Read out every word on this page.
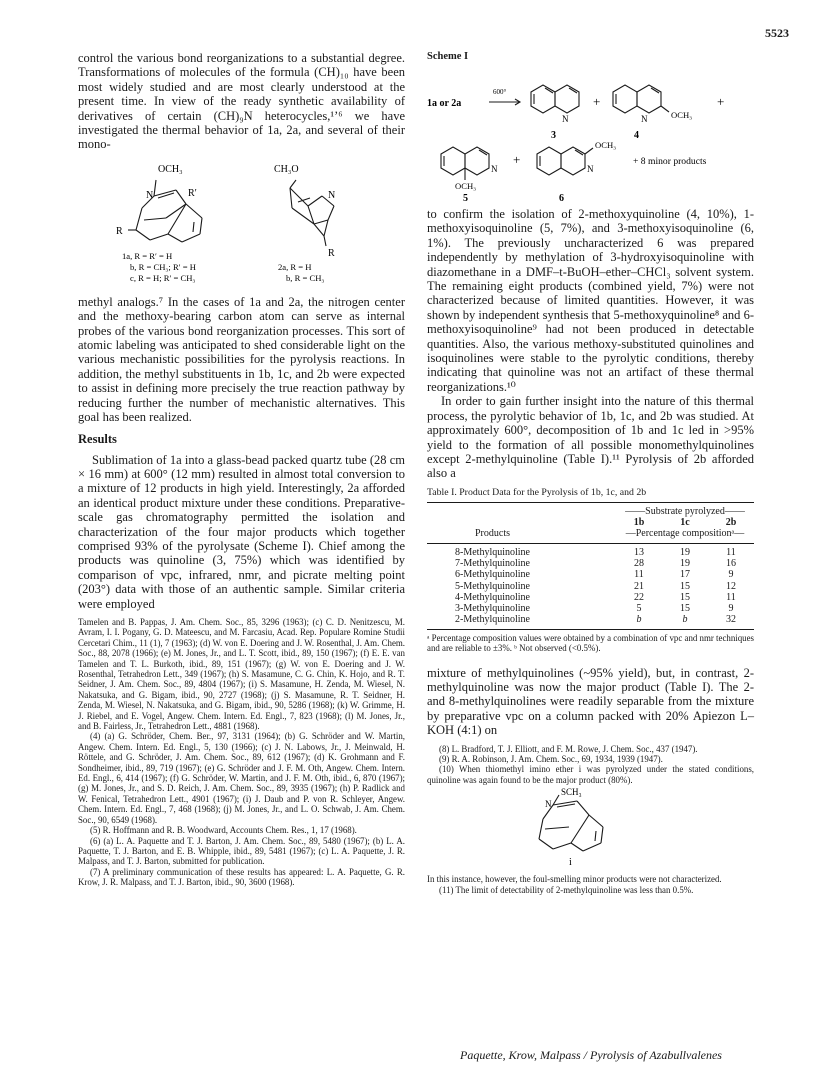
5523

control the various bond reorganizations to a substantial degree. Transformations of molecules of the formula (CH)₁₀ have been most widely studied and are most clearly understood at the present time. In view of the ready synthetic availability of derivatives of certain (CH)₉N heterocycles,¹ʼ⁶ we have investigated the thermal behavior of 1a, 2a, and several of their mono-

OCH₃
N
R
R′
1a, R = R′ = H
b, R = CH₃; R′ = H
c, R = H; R′ = CH₃
CH₃O
N
R
2a, R = H
b, R = CH₃

methyl analogs.⁷ In the cases of 1a and 2a, the nitrogen center and the methoxy-bearing carbon atom can serve as internal probes of the various bond reorganization processes. This sort of atomic labeling was anticipated to shed considerable light on the various mechanistic possibilities for the pyrolysis reactions. In addition, the methyl substituents in 1b, 1c, and 2b were expected to assist in defining more precisely the true reaction pathway by reducing further the number of mechanistic alternatives. This goal has been realized.

Results

Sublimation of 1a into a glass-bead packed quartz tube (28 cm × 16 mm) at 600° (12 mm) resulted in almost total conversion to a mixture of 12 products in high yield. Interestingly, 2a afforded an identical product mixture under these conditions. Preparative-scale gas chromatography permitted the isolation and characterization of the four major products which together comprised 93% of the pyrolysate (Scheme I). Chief among the products was quinoline (3, 75%) which was identified by comparison of vpc, infrared, nmr, and picrate melting point (203°) data with those of an authentic sample. Similar criteria were employed

Tamelen and B. Pappas, J. Am. Chem. Soc., 85, 3296 (1963); (c) C. D. Nenitzescu, M. Avram, I. I. Pogany, G. D. Mateescu, and M. Farcasiu, Acad. Rep. Populare Romine Studii Cercetari Chim., 11 (1), 7 (1963); (d) W. von E. Doering and J. W. Rosenthal, J. Am. Chem. Soc., 88, 2078 (1966); (e) M. Jones, Jr., and L. T. Scott, ibid., 89, 150 (1967); (f) E. E. van Tamelen and T. L. Burkoth, ibid., 89, 151 (1967); (g) W. von E. Doering and J. W. Rosenthal, Tetrahedron Lett., 349 (1967); (h) S. Masamune, C. G. Chin, K. Hojo, and R. T. Seidner, J. Am. Chem. Soc., 89, 4804 (1967); (i) S. Masamune, H. Zenda, M. Wiesel, N. Nakatsuka, and G. Bigam, ibid., 90, 2727 (1968); (j) S. Masamune, R. T. Seidner, H. Zenda, M. Wiesel, N. Nakatsuka, and G. Bigam, ibid., 90, 5286 (1968); (k) W. Grimme, H. J. Riebel, and E. Vogel, Angew. Chem. Intern. Ed. Engl., 7, 823 (1968); (l) M. Jones, Jr., and B. Fairless, Jr., Tetrahedron Lett., 4881 (1968).

(4) (a) G. Schröder, Chem. Ber., 97, 3131 (1964); (b) G. Schröder and W. Martin, Angew. Chem. Intern. Ed. Engl., 5, 130 (1966); (c) J. N. Labows, Jr., J. Meinwald, H. Röttele, and G. Schröder, J. Am. Chem. Soc., 89, 612 (1967); (d) K. Grohmann and F. Sondheimer, ibid., 89, 719 (1967); (e) G. Schröder and J. F. M. Oth, Angew. Chem. Intern. Ed. Engl., 6, 414 (1967); (f) G. Schröder, W. Martin, and J. F. M. Oth, ibid., 6, 870 (1967); (g) M. Jones, Jr., and S. D. Reich, J. Am. Chem. Soc., 89, 3935 (1967); (h) P. Radlick and W. Fenical, Tetrahedron Lett., 4901 (1967); (i) J. Daub and P. von R. Schleyer, Angew. Chem. Intern. Ed. Engl., 7, 468 (1968); (j) M. Jones, Jr., and L. O. Schwab, J. Am. Chem. Soc., 90, 6549 (1968).

(5) R. Hoffmann and R. B. Woodward, Accounts Chem. Res., 1, 17 (1968).

(6) (a) L. A. Paquette and T. J. Barton, J. Am. Chem. Soc., 89, 5480 (1967); (b) L. A. Paquette, T. J. Barton, and E. B. Whipple, ibid., 89, 5481 (1967); (c) L. A. Paquette, J. R. Malpass, and T. J. Barton, submitted for publication.

(7) A preliminary communication of these results has appeared: L. A. Paquette, G. R. Krow, J. R. Malpass, and T. J. Barton, ibid., 90, 3600 (1968).

Scheme I
1a or 2a
600°
N
3
+
N	OCH₃
4
+
N
OCH₃
5
+
N
OCH₃
6
+ 8 minor products

to confirm the isolation of 2-methoxyquinoline (4, 10%), 1-methoxyisoquinoline (5, 7%), and 3-methoxyisoquinoline (6, 1%). The previously uncharacterized 6 was prepared independently by methylation of 3-hydroxyisoquinoline with diazomethane in a DMF–t-BuOH–ether–CHCl₃ solvent system. The remaining eight products (combined yield, 7%) were not characterized because of limited quantities. However, it was shown by independent synthesis that 5-methoxyquinoline⁸ and 6-methoxyisoquinoline⁹ had not been produced in detectable quantities. Also, the various methoxy-substituted quinolines and isoquinolines were stable to the pyrolytic conditions, thereby indicating that quinoline was not an artifact of these thermal reorganizations.¹⁰

In order to gain further insight into the nature of this thermal process, the pyrolytic behavior of 1b, 1c, and 2b was studied. At approximately 600°, decomposition of 1b and 1c led in >95% yield to the formation of all possible monomethylquinolines except 2-methylquinoline (Table I).¹¹ Pyrolysis of 2b afforded also a

Table I. Product Data for the Pyrolysis of 1b, 1c, and 2b
	——Substrate pyrolyzed——		
	1b	1c	2b
Products	—Percentage compositionᵃ—		
8-Methylquinoline	13	19	11
7-Methylquinoline	28	19	16
6-Methylquinoline	11	17	9
5-Methylquinoline	21	15	12
4-Methylquinoline	22	15	11
3-Methylquinoline	5	15	9
2-Methylquinoline	b	b	32

ᵃ Percentage composition values were obtained by a combination of vpc and nmr techniques and are reliable to ±3%. ᵇ Not observed (<0.5%).

mixture of methylquinolines (~95% yield), but, in contrast, 2-methylquinoline was now the major product (Table I). The 2- and 8-methylquinolines were readily separable from the mixture by preparative vpc on a column packed with 20% Apiezon L–KOH (4:1) on

(8) L. Bradford, T. J. Elliott, and F. M. Rowe, J. Chem. Soc., 437 (1947).

(9) R. A. Robinson, J. Am. Chem. Soc., 69, 1934, 1939 (1947).

(10) When thiomethyl imino ether i was pyrolyzed under the stated conditions, quinoline was again found to be the major product (80%).

SCH₃
N
i

In this instance, however, the foul-smelling minor products were not characterized.

(11) The limit of detectability of 2-methylquinoline was less than 0.5%.

Paquette, Krow, Malpass / Pyrolysis of Azabullvalenes
